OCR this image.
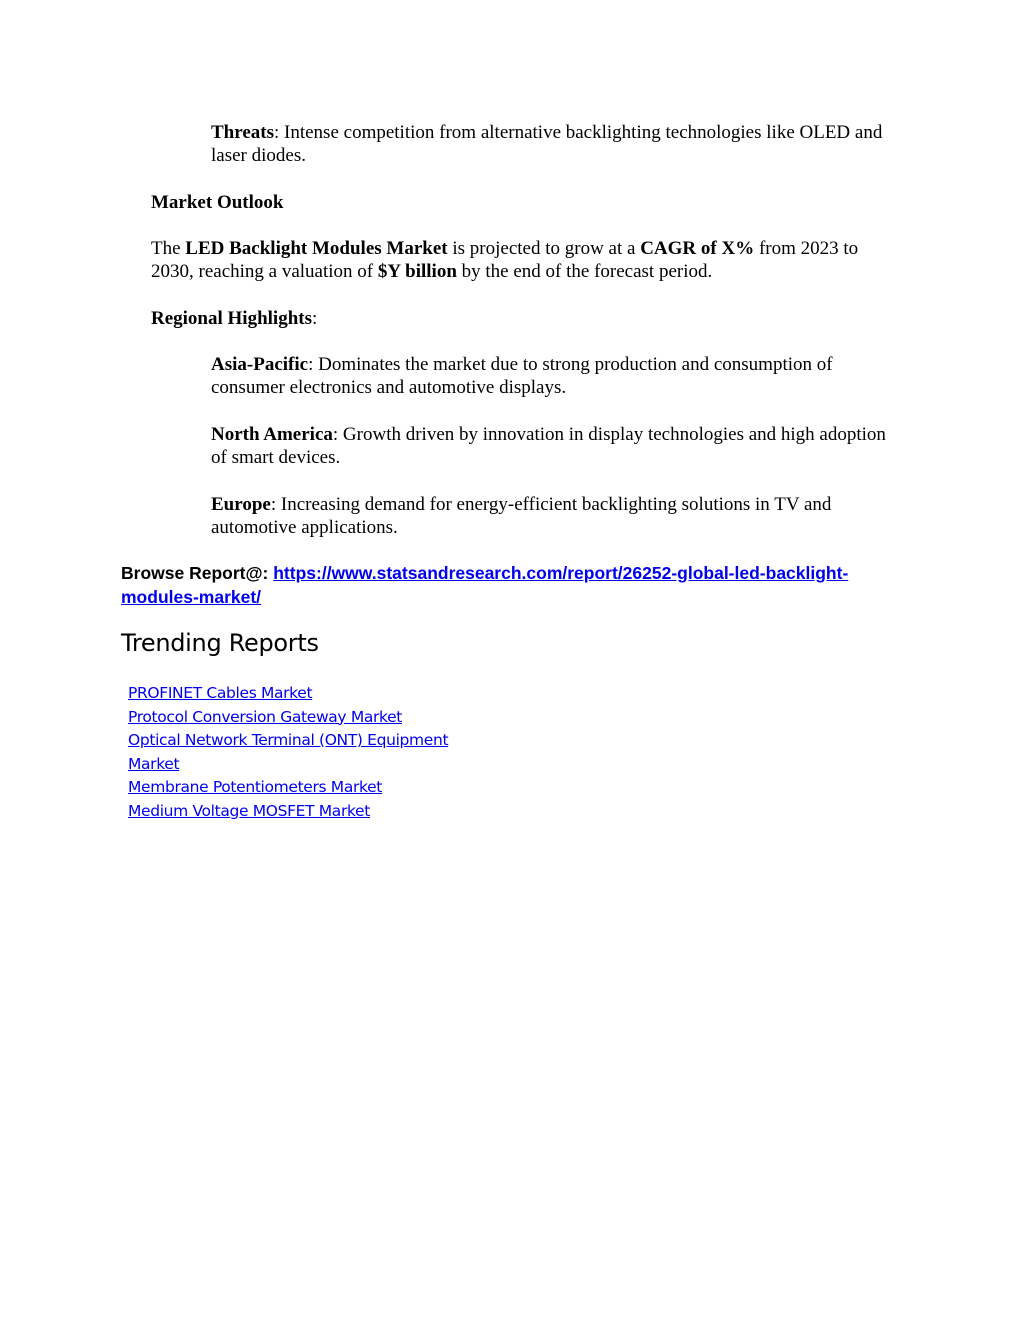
Threats: Intense competition from alternative backlighting technologies like OLED and laser diodes.

Market Outlook

The LED Backlight Modules Market is projected to grow at a CAGR of X% from 2023 to 2030, reaching a valuation of $Y billion by the end of the forecast period.

Regional Highlights:

Asia-Pacific: Dominates the market due to strong production and consumption of consumer electronics and automotive displays.

North America: Growth driven by innovation in display technologies and high adoption of smart devices.

Europe: Increasing demand for energy-efficient backlighting solutions in TV and automotive applications.

Browse Report@: https://www.statsandresearch.com/report/26252-global-led-backlight-modules-market/

Trending Reports
PROFINET Cables Market
Protocol Conversion Gateway Market
Optical Network Terminal (ONT) Equipment Market
Membrane Potentiometers Market
Medium Voltage MOSFET Market
